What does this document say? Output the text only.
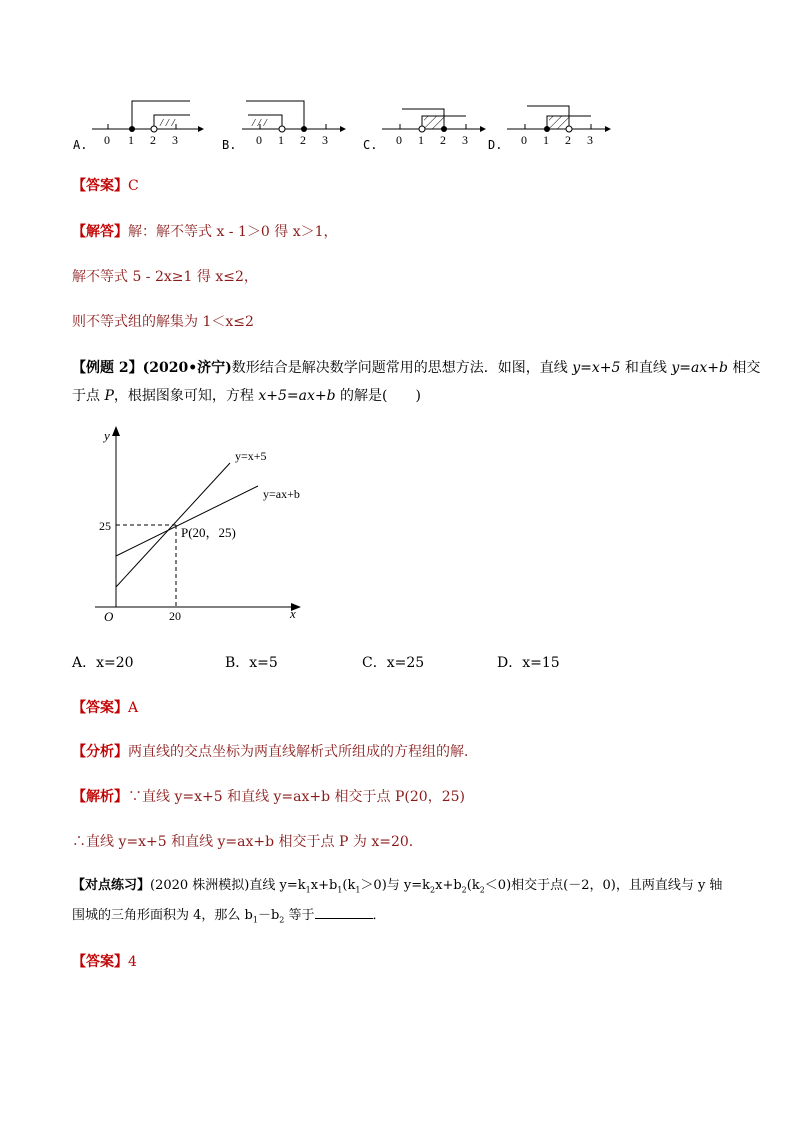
A.
/ / /
0 1 2 3	B.
/ / /
0 1 2 3	C. 0 1 2 3 D. 0 1 2 3
【答案】C
【解答】解：解不等式 x - 1＞0 得 x＞1，
解不等式 5 - 2x≥1 得 x≤2，
则不等式组的解集为 1＜x≤2
【例题 2】(2020•济宁)数形结合是解决数学问题常用的思想方法．如图，直线 y=x+5 和直线 y=ax+b 相交
于点 P，根据图象可知，方程 x+5=ax+b 的解是(　　)
y
x
O
25
20
y=x+5
y=ax+b
P(20，25)
A．x=20	B．x=5	C．x=25	D．x=15
【答案】A
【分析】两直线的交点坐标为两直线解析式所组成的方程组的解．
【解析】∵直线 y=x+5 和直线 y=ax+b 相交于点 P(20，25)
∴直线 y=x+5 和直线 y=ax+b 相交于点 P 为 x=20．
【对点练习】(2020 株洲模拟)直线 $y=k_1x+b_1(k_1>0)$与 $y=k_2x+b_2(k_2<0)$相交于点(－2，0)，且两直线与 y 轴
围城的三角形面积为 4，那么 $b_1-b_2$ 等于	．
【答案】4
